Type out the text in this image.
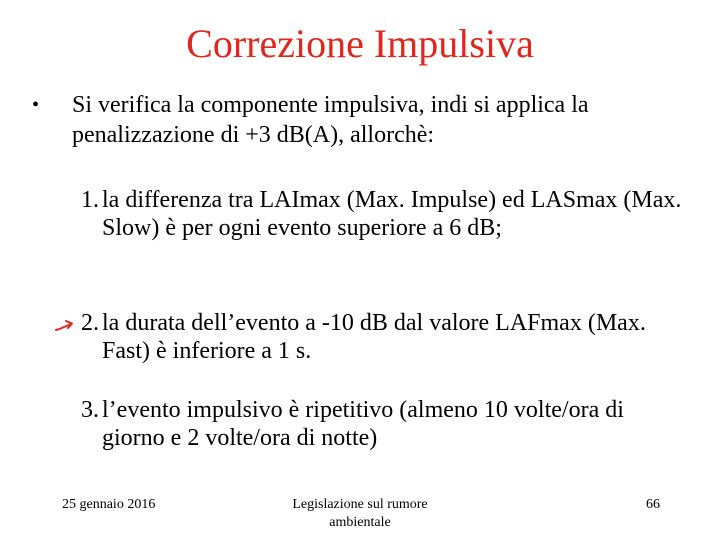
Correzione Impulsiva
• Si verifica la componente impulsiva, indi si applica la penalizzazione di +3 dB(A), allorchè:
1. la differenza tra LAImax (Max. Impulse) ed LASmax (Max. Slow) è per ogni evento superiore a 6 dB;
2. la durata dell’evento a -10 dB dal valore LAFmax (Max. Fast) è inferiore a 1 s.
3. l’evento impulsivo è ripetitivo (almeno 10 volte/ora di giorno e 2 volte/ora di notte)
25 gennaio 2016	Legislazione sul rumore ambientale
66
